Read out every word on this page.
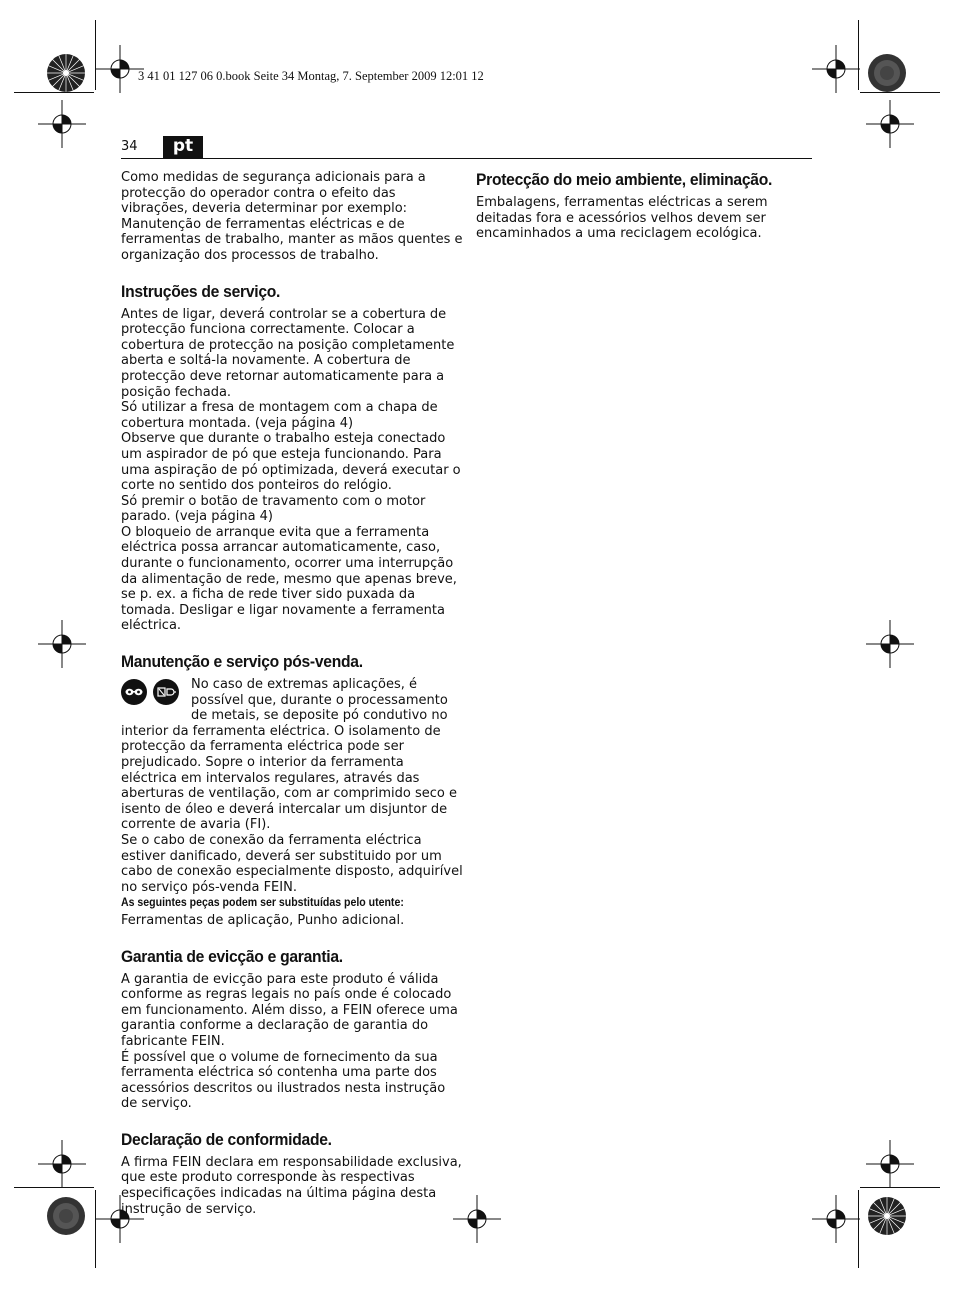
3 41 01 127 06 0.book Seite 34 Montag, 7. September 2009 12:01 12
34	pt

Como medidas de segurança adicionais para a protecção do operador contra o efeito das vibrações, deveria determinar por exemplo: Manutenção de ferramentas eléctricas e de ferramentas de trabalho, manter as mãos quentes e organização dos processos de trabalho.

Instruções de serviço.

Antes de ligar, deverá controlar se a cobertura de protecção funciona correctamente. Colocar a cobertura de protecção na posição completamente aberta e soltá-la novamente. A cobertura de protecção deve retornar automaticamente para a posição fechada.

Só utilizar a fresa de montagem com a chapa de cobertura montada. (veja página 4)

Observe que durante o trabalho esteja conectado um aspirador de pó que esteja funcionando. Para uma aspiração de pó optimizada, deverá executar o corte no sentido dos ponteiros do relógio.

Só premir o botão de travamento com o motor parado. (veja página 4)

O bloqueio de arranque evita que a ferramenta eléctrica possa arrancar automaticamente, caso, durante o funcionamento, ocorrer uma interrupção da alimentação de rede, mesmo que apenas breve, se p. ex. a ficha de rede tiver sido puxada da tomada. Desligar e ligar novamente a ferramenta eléctrica.

Manutenção e serviço pós-venda.

No caso de extremas aplicações, é possível que, durante o processamento de metais, se deposite pó condutivo no interior da ferramenta eléctrica. O isolamento de protecção da ferramenta eléctrica pode ser prejudicado. Sopre o interior da ferramenta eléctrica em intervalos regulares, através das aberturas de ventilação, com ar comprimido seco e isento de óleo e deverá intercalar um disjuntor de corrente de avaria (FI).

Se o cabo de conexão da ferramenta eléctrica estiver danificado, deverá ser substituido por um cabo de conexão especialmente disposto, adquirível no serviço pós-venda FEIN.

As seguintes peças podem ser substituídas pelo utente:

Ferramentas de aplicação, Punho adicional.

Garantia de evicção e garantia.

A garantia de evicção para este produto é válida conforme as regras legais no país onde é colocado em funcionamento. Além disso, a FEIN oferece uma garantia conforme a declaração de garantia do fabricante FEIN.

É possível que o volume de fornecimento da sua ferramenta eléctrica só contenha uma parte dos acessórios descritos ou ilustrados nesta instrução de serviço.

Declaração de conformidade.

A firma FEIN declara em responsabilidade exclusiva, que este produto corresponde às respectivas especificações indicadas na última página desta instrução de serviço.

Protecção do meio ambiente, eliminação.

Embalagens, ferramentas eléctricas a serem deitadas fora e acessórios velhos devem ser encaminhados a uma reciclagem ecológica.
